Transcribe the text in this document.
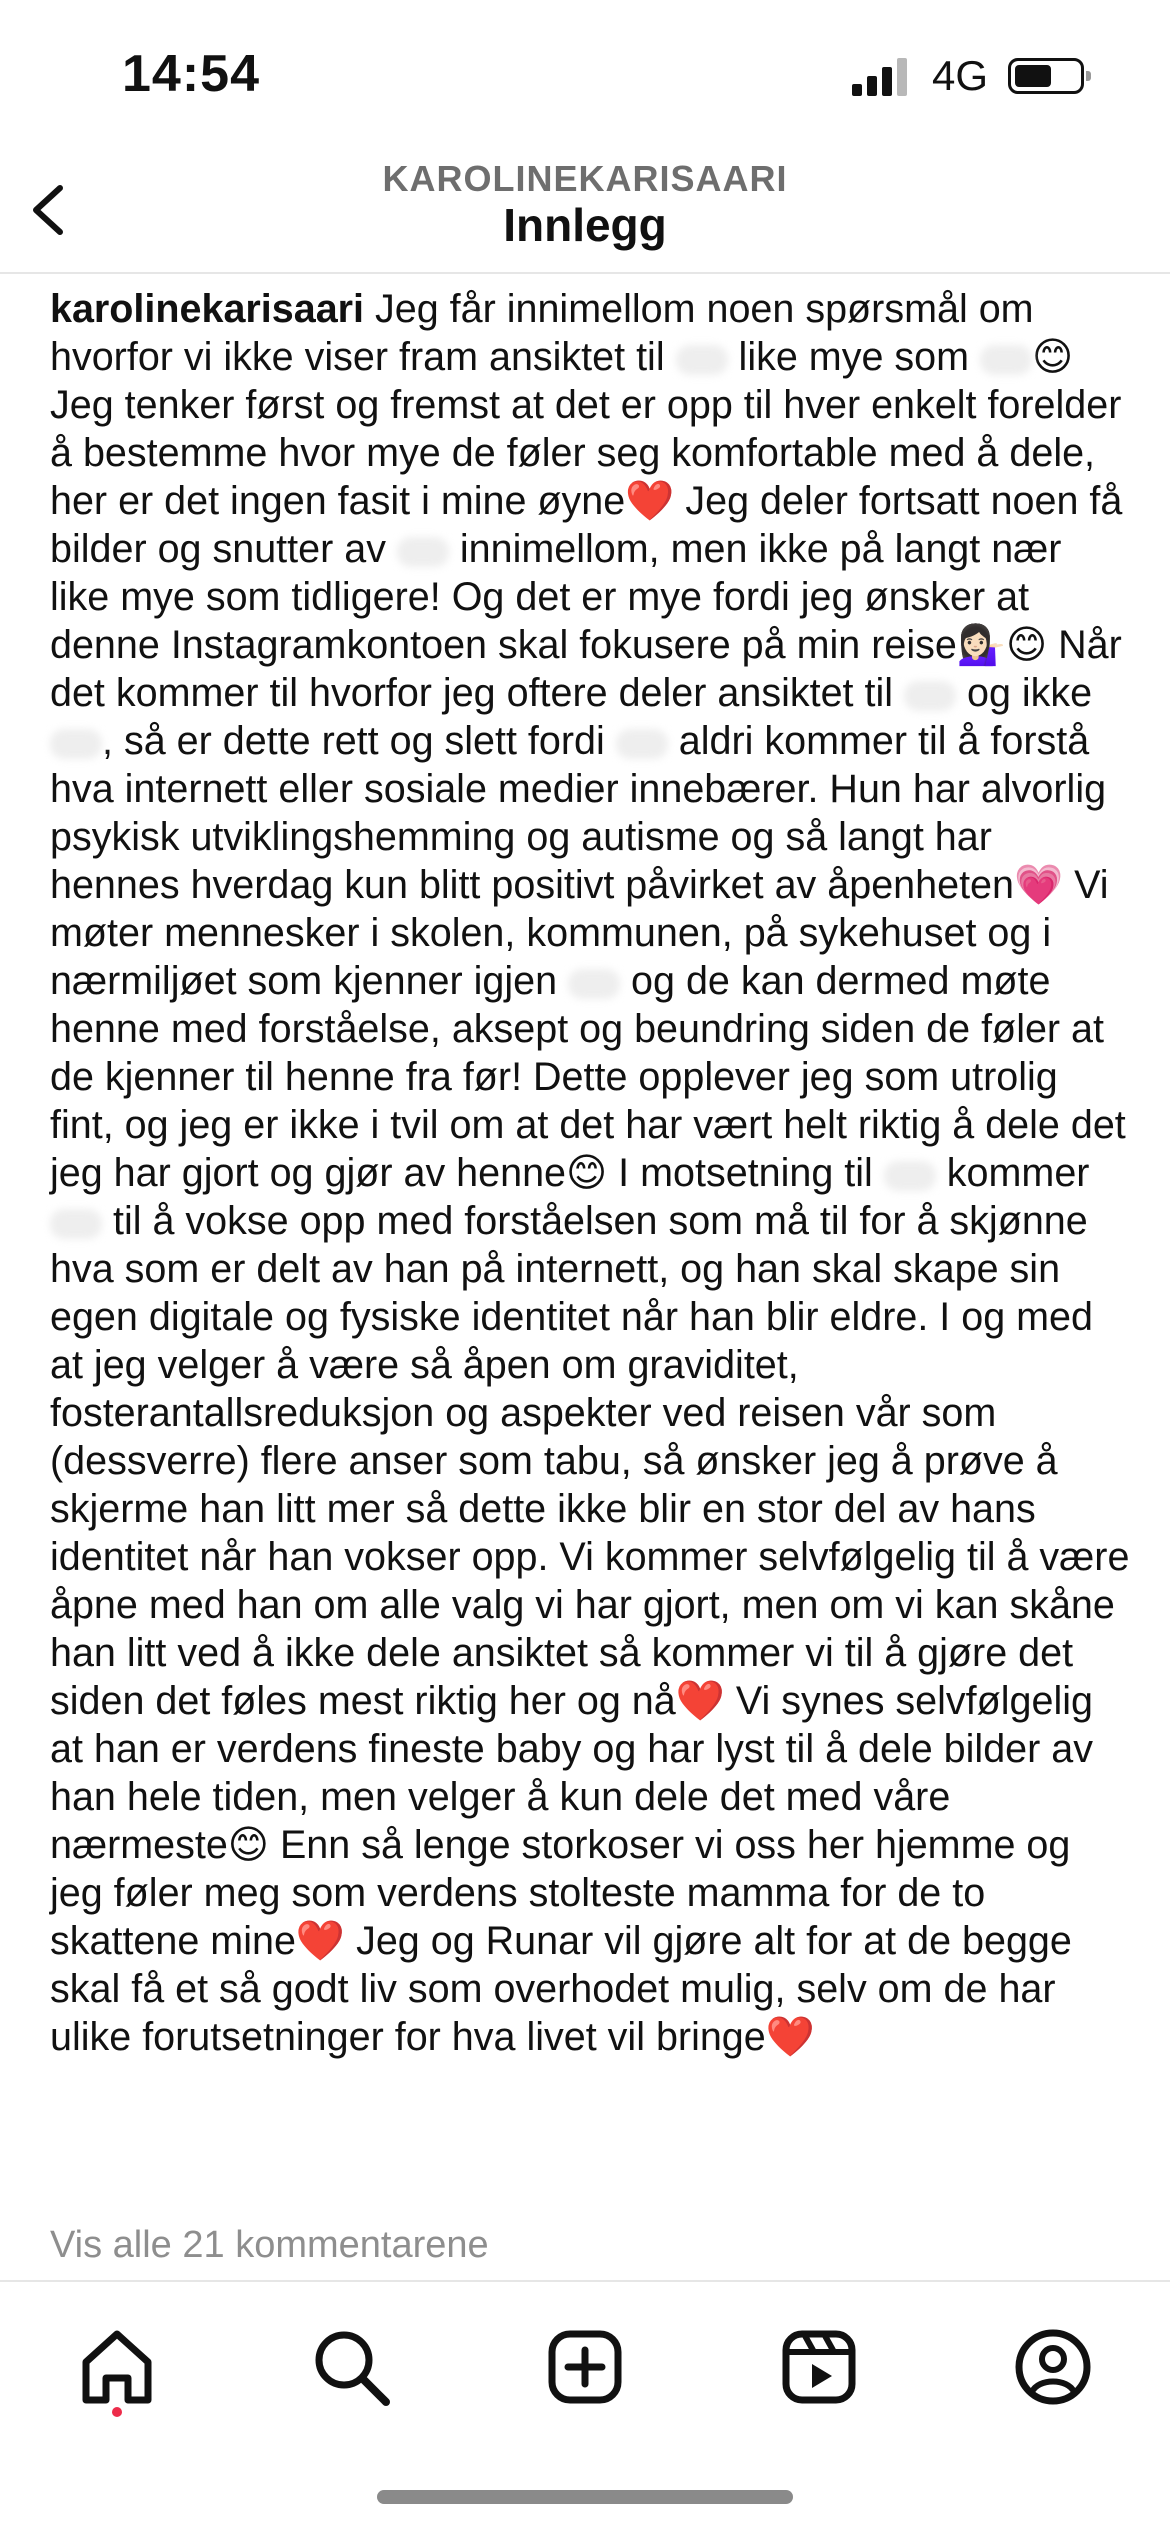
14:54	4G
KAROLINEKARISAARI
Innlegg
karolinekarisaari Jeg får innimellom noen spørsmål om hvorfor vi ikke viser fram ansiktet til  like mye som 😊 Jeg tenker først og fremst at det er opp til hver enkelt forelder å bestemme hvor mye de føler seg komfortable med å dele, her er det ingen fasit i mine øyne❤️ Jeg deler fortsatt noen få bilder og snutter av  innimellom, men ikke på langt nær like mye som tidligere! Og det er mye fordi jeg ønsker at denne Instagramkontoen skal fokusere på min reise💁🏻‍♀️😊 Når det kommer til hvorfor jeg oftere deler ansiktet til  og ikke , så er dette rett og slett fordi  aldri kommer til å forstå hva internett eller sosiale medier innebærer. Hun har alvorlig psykisk utviklingshemming og autisme og så langt har hennes hverdag kun blitt positivt påvirket av åpenheten💗 Vi møter mennesker i skolen, kommunen, på sykehuset og i nærmiljøet som kjenner igjen  og de kan dermed møte henne med forståelse, aksept og beundring siden de føler at de kjenner til henne fra før! Dette opplever jeg som utrolig fint, og jeg er ikke i tvil om at det har vært helt riktig å dele det jeg har gjort og gjør av henne😊 I motsetning til  kommer  til å vokse opp med forståelsen som må til for å skjønne hva som er delt av han på internett, og han skal skape sin egen digitale og fysiske identitet når han blir eldre. I og med at jeg velger å være så åpen om graviditet, fosterantallsreduksjon og aspekter ved reisen vår som (dessverre) flere anser som tabu, så ønsker jeg å prøve å skjerme han litt mer så dette ikke blir en stor del av hans identitet når han vokser opp. Vi kommer selvfølgelig til å være åpne med han om alle valg vi har gjort, men om vi kan skåne han litt ved å ikke dele ansiktet så kommer vi til å gjøre det siden det føles mest riktig her og nå❤️ Vi synes selvfølgelig at han er verdens fineste baby og har lyst til å dele bilder av han hele tiden, men velger å kun dele det med våre nærmeste😊 Enn så lenge storkoser vi oss her hjemme og jeg føler meg som verdens stolteste mamma for de to skattene mine❤️ Jeg og Runar vil gjøre alt for at de begge skal få et så godt liv som overhodet mulig, selv om de har ulike forutsetninger for hva livet vil bringe❤️
Vis alle 21 kommentarene
